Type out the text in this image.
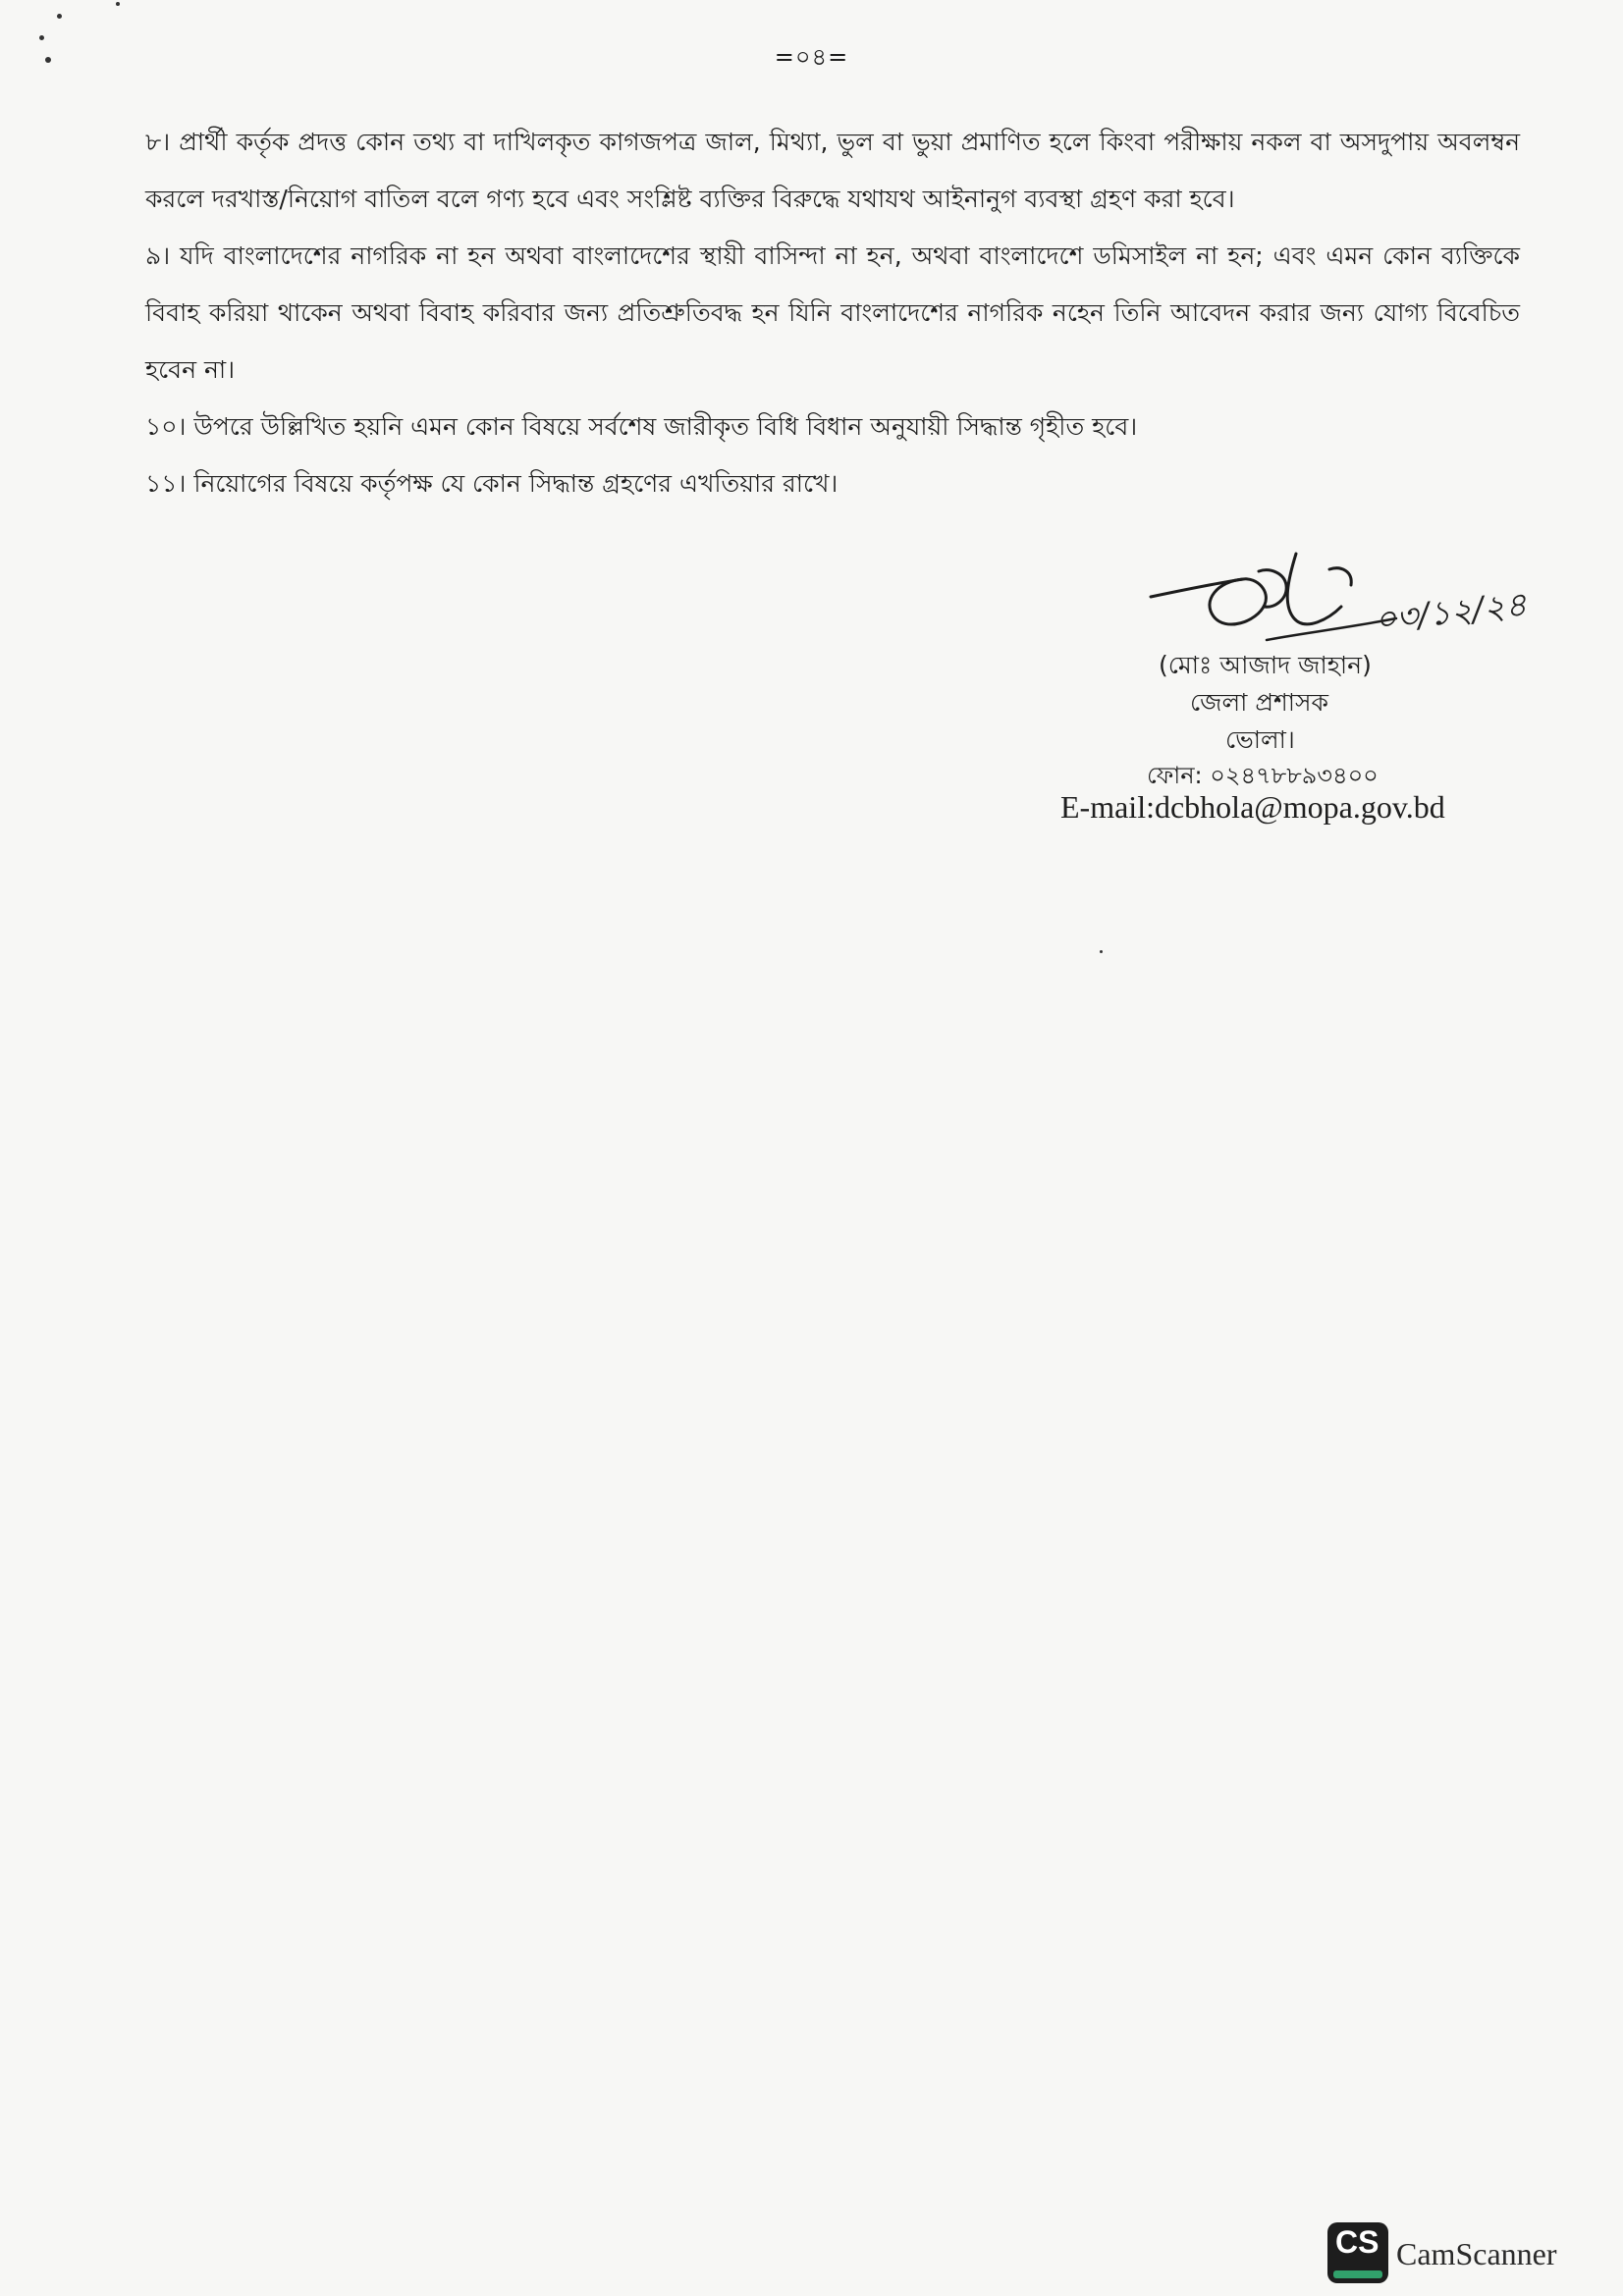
=০৪=

৮। প্রার্থী কর্তৃক প্রদত্ত কোন তথ্য বা দাখিলকৃত কাগজপত্র জাল, মিথ্যা, ভুল বা ভুয়া প্রমাণিত হলে কিংবা পরীক্ষায় নকল বা অসদুপায় অবলম্বন করলে দরখাস্ত/নিয়োগ বাতিল বলে গণ্য হবে এবং সংশ্লিষ্ট ব্যক্তির বিরুদ্ধে যথাযথ আইনানুগ ব্যবস্থা গ্রহণ করা হবে।

৯। যদি বাংলাদেশের নাগরিক না হন অথবা বাংলাদেশের স্থায়ী বাসিন্দা না হন, অথবা বাংলাদেশে ডমিসাইল না হন; এবং এমন কোন ব্যক্তিকে বিবাহ করিয়া থাকেন অথবা বিবাহ করিবার জন্য প্রতিশ্রুতিবদ্ধ হন যিনি বাংলাদেশের নাগরিক নহেন তিনি আবেদন করার জন্য যোগ্য বিবেচিত হবেন না।

১০। উপরে উল্লিখিত হয়নি এমন কোন বিষয়ে সর্বশেষ জারীকৃত বিধি বিধান অনুযায়ী সিদ্ধান্ত গৃহীত হবে।

১১। নিয়োগের বিষয়ে কর্তৃপক্ষ যে কোন সিদ্ধান্ত গ্রহণের এখতিয়ার রাখে।

০৩/১২/২৪
(মোঃ আজাদ জাহান)
জেলা প্রশাসক
ভোলা।
ফোন: ০২৪৭৮৮৯৩৪০০
E-mail:dcbhola@mopa.gov.bd
CS CamScanner
